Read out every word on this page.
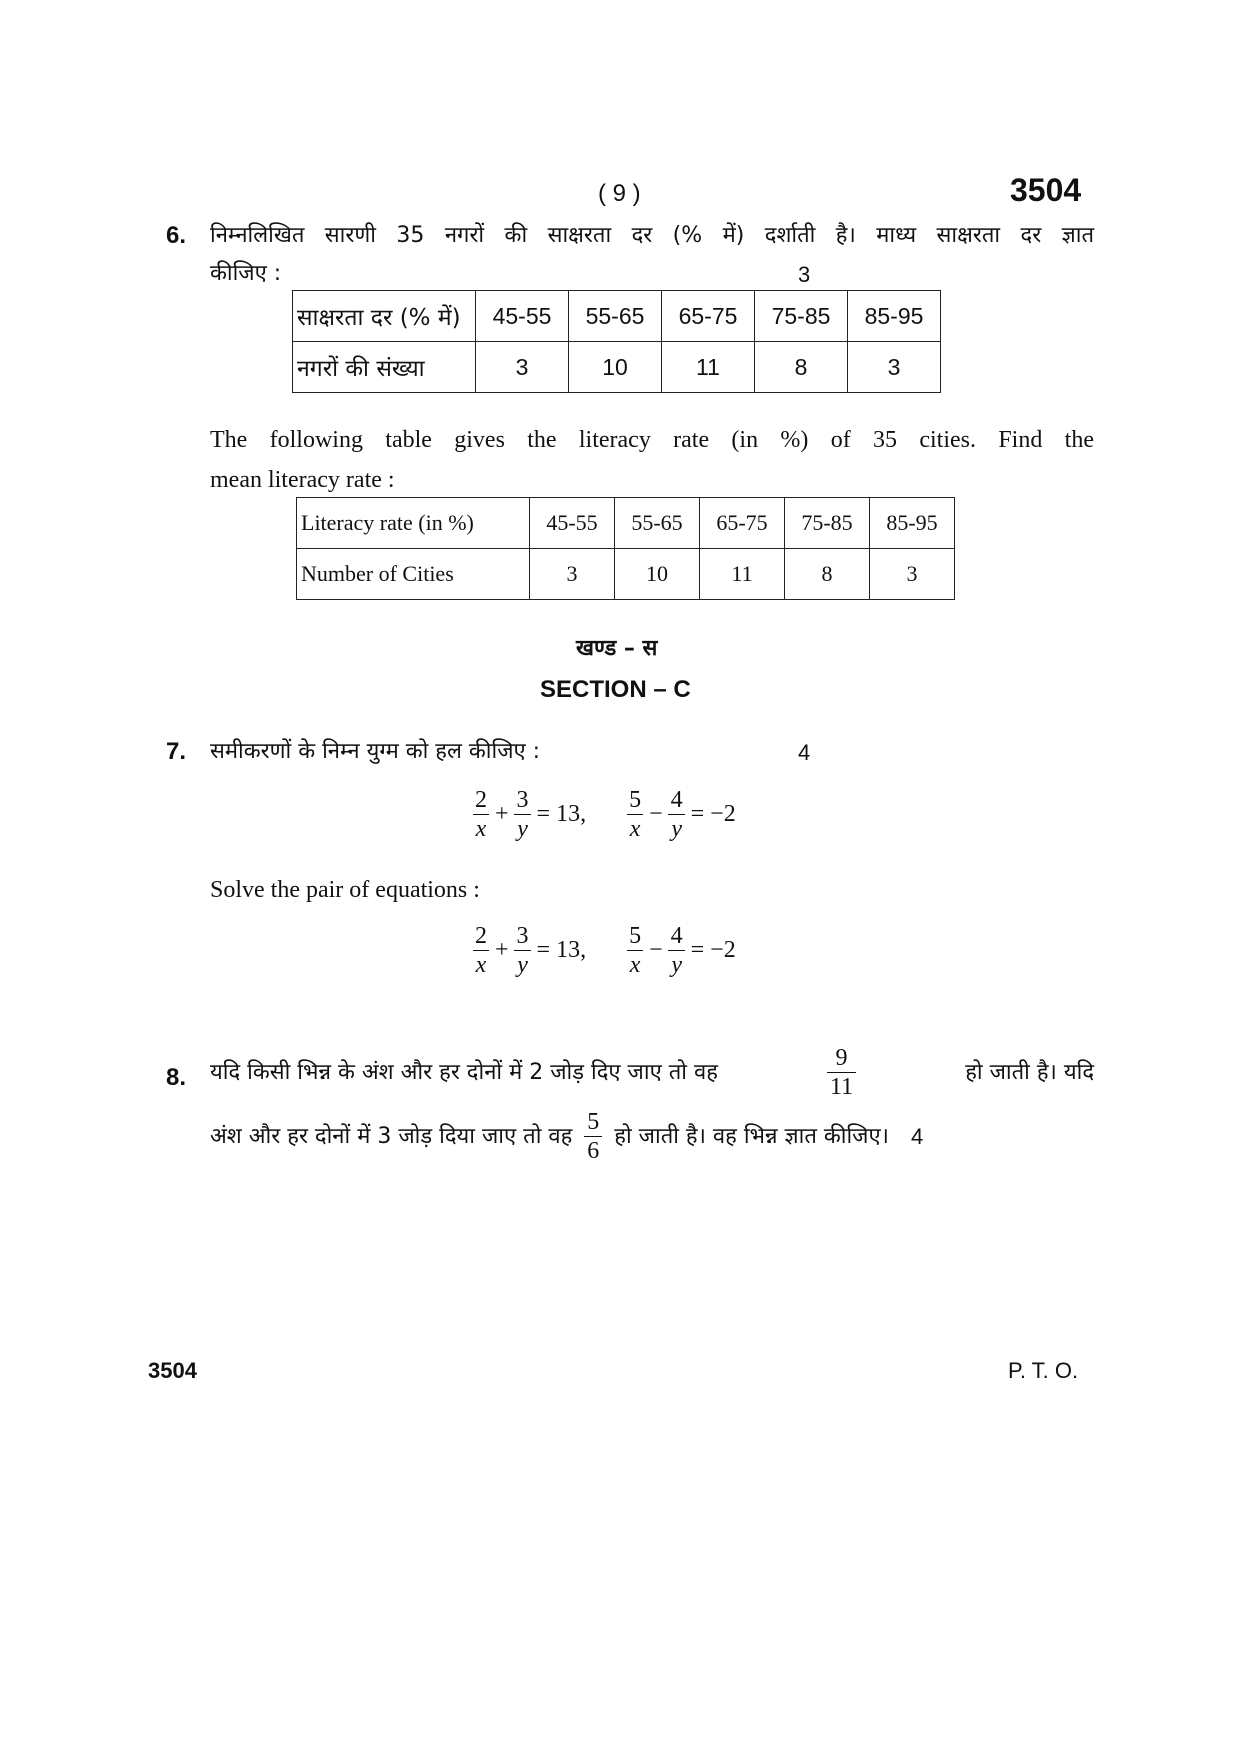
( 9 )	3504
6. निम्नलिखित सारणी 35 नगरों की साक्षरता दर (% में) दर्शाती है। माध्य साक्षरता दर ज्ञात
कीजिए :	3
साक्षरता दर (% में)	45-55	55-65	65-75	75-85	85-95
नगरों की संख्या	3	10	11	8	3
The following table gives the literacy rate (in %) of 35 cities. Find the
mean literacy rate :
Literacy rate (in %)	45-55	55-65	65-75	75-85	85-95
Number of Cities	3	10	11	8	3
खण्ड – स
SECTION – C
7. समीकरणों के निम्न युग्म को हल कीजिए :	4
$\frac{2}{x} + \frac{3}{y} = 13$, $\frac{5}{x} - \frac{4}{y} = -2$
Solve the pair of equations :
$\frac{2}{x} + \frac{3}{y} = 13$, $\frac{5}{x} - \frac{4}{y} = -2$
8. यदि किसी भिन्न के अंश और हर दोनों में 2 जोड़ दिए जाए तो वह	$\frac{9}{11}$	हो जाती है। यदि
अंश और हर दोनों में 3 जोड़ दिया जाए तो वह $\frac{5}{6}$ हो जाती है। वह भिन्न ज्ञात कीजिए। 4
3504	P. T. O.
